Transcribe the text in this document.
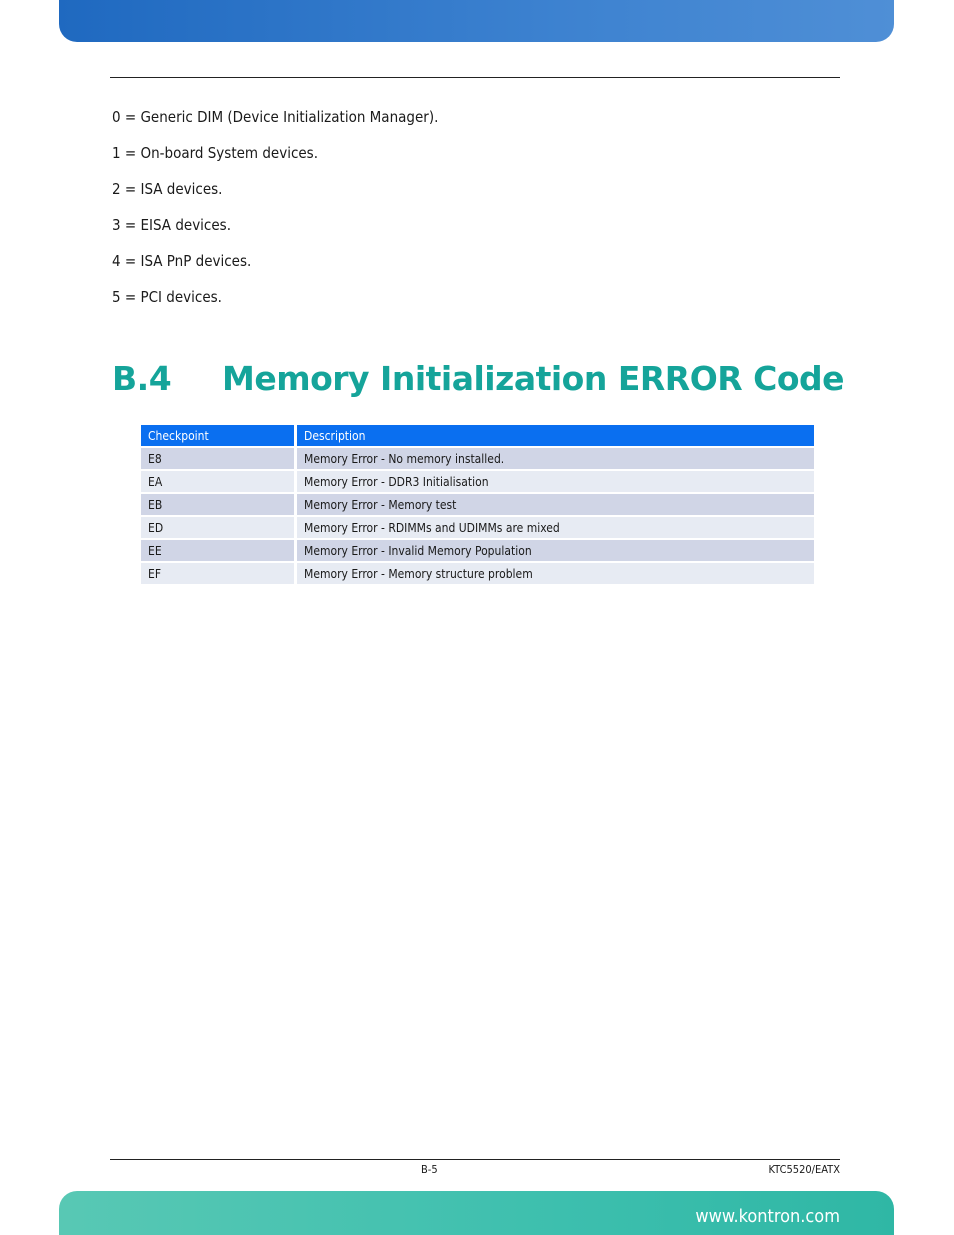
0 = Generic DIM (Device Initialization Manager).
1 = On-board System devices.
2 = ISA devices.
3 = EISA devices.
4 = ISA PnP devices.
5 = PCI devices.
B.4 Memory Initialization ERROR Code
Checkpoint	Description
E8	Memory Error - No memory installed.
EA	Memory Error - DDR3 Initialisation
EB	Memory Error - Memory test
ED	Memory Error - RDIMMs and UDIMMs are mixed
EE	Memory Error - Invalid Memory Population
EF	Memory Error - Memory structure problem
B-5	KTC5520/EATX
www.kontron.com
